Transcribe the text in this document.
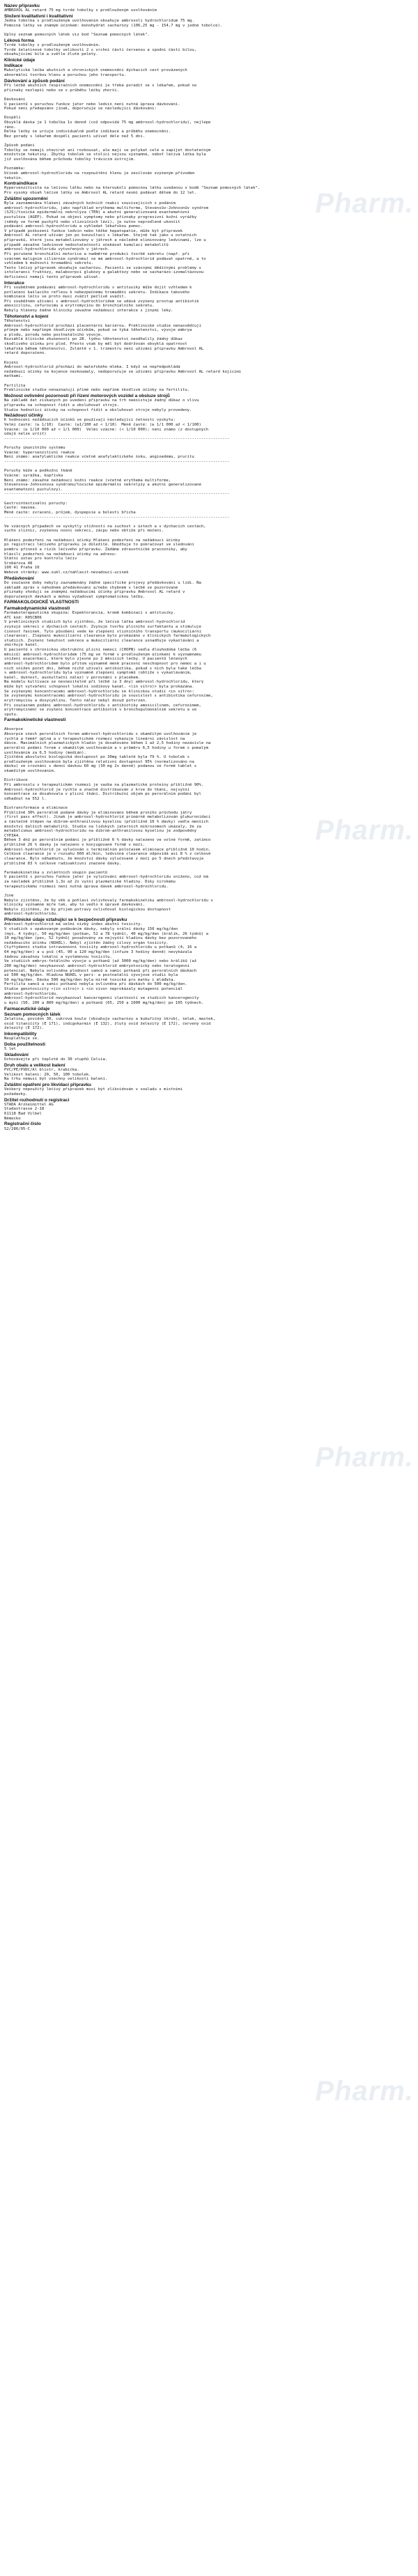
Název přípravku
AMBROXOL AL retard 75 mg tvrdé tobolky s prodlouženým uvolňováním
Složení kvalitativní i kvalitativní
Jedna tobolka s prodlouženým uvolňováním obsahuje ambroxoli hydrochloridum 75 mg.
Pomocná látky se známým účinkem: monohydrát sacharózy (106,25 mg - 154,7 mg v jedné tobolce).

Úplný seznam pomocných látek viz bod "Seznam pomocných látek".
Léková forma
Tvrdé tobolky s prodlouženým uvolňováním.
Tvrdé želatinové tobolky velikosti 2 s vrchní částí červenou a spodní částí bílou,
obsahujícími bílé a světle žluté pelety.
Klinické údaje
Indikace
Mukolytická léčba akutních a chronických onemocnění dýchacích cest provázených
abnormální tvorbou hlenu a poruchou jeho transportu.
Dávkování a způsob podání
Při léčbě akutních respiračních onemocnění je třeba poradit se s lékařem, pokud se
příznaky nezlepší nebo se v průběhu léčby zhorší.

Dávkování
U pacientů s poruchou funkce jater nebo ledvin není nutná úprava dávkování.
Pokud není předepsáno jinak, doporučuje se následující dávkování:

Dospělí
Obvyklá dávka je 1 tobolka 1x denně (což odpovídá 75 mg ambroxol-hydrochloridu), nejlépe
ráno.
Délka léčby se určuje individuálně podle indikace a průběhu onemocnění.
Bez porady s lékařem dospělí pacienti užívat déle než 5 dní.

Způsob podání
Tobolky se nemají otevírat ani rozkousat, ale mají se polykat celé a zapíjet dostatečným
množstvím tekutiny. Zbytky tobolek se stolici nejsou významné, neboť léčivá látka byla
již uvolňována během průchodu tobolky trávicím ústrojím.

Poznámka:
Účinek ambroxol-hydrochloridu na rozpouštění hlenu je zesilován zvýšeným přívodem
tekutin.
Kontraindikace
Hypersenzitivita na léčivou látku nebo na kteroukoli pomocnou látku uvedenou v bodě "Seznam pomocných látek".
Pro vysoký obsah léčivé látky se Ambroxol AL retard nesmí podávat dětem do 12 let.
Zvláštní upozornění
Byla zaznamenána hlášení závažných kožních reakcí souvisejících s podáním
ambroxol-hydrochloridu, jako například erythema multiforme, Stevensův-Johnsonův syndrom
(SJS)/toxická epidermální nekrolýza (TEN) a akutní generalizovaná exantematózní
pustulóza (AGEP). Pokud se objeví symptomy nebo příznaky progresivní kožní vyrážky
(někdy ve formě puchýřů nebo slizničních lézí), je nutno neprodleně ukončit
podávání ambroxol-hydrochloridu a vyhledat lékařskou pomoc.
V případě poškození funkce ledvin nebo těžké hepatopatie, může být přípravek
Ambroxol AL retard užíván jen po konzultaci s lékařem. Stejně tak jako u ostatních
přípravků, které jsou metabolizovány v játrech a následně eliminovány ledvinami, lze u
případě závažné ledvinové nedostatečnosti očekávat kumulaci metabolitů
ambroxol-hydrochloridu vytvořených v játrech.
Při porušené bronchiální motorice a nadměrné produkci tvorbě sekretu (např. při
vzácném maligním ciliárním syndromu) se má ambroxol-hydrochlorid podávat opatrně, a to
vzhledem k možnosti hromadění sekretu.
Tento léčivý přípravek obsahuje sacharózu. Pacienti se vzácnými dědičnými problémy s
intolerancí fruktózy, malabsorpcí glukózy a galaktózy nebo se sacharázo-izomaltázovou
deficiencí nemají tento přípravek užívat.
Interakce
Při souběžném podávání ambroxol-hydrochloridu s antitusiky může dojít vzhledem k
potlačení kašlacího reflexu k nebezpečnému hromadění sekretu. Indikace takového
kombinace léčiv se proto musí zvážit pečlivě uvážit.
Při souběžném užívání s ambroxol-hydrochloridem se udává zvýšený prostup antibiotik
amoxicilinu, cefuroximu a erytromycinu do bronchiálního sekretu.
Nebyly hlášeny žádné klinicky závažné nežádoucí interakce s jinými léky.
Těhotenství a kojení
Těhotenství
Ambroxol-hydrochlorid prochází placentární bariérou. Preklinické studie nenasvědčují
přímým nebo nepřímým škodlivým účinkům, pokud se týká těhotenství, vývoje embrya
a plodu, porodu nebo postnatálního vývoje.
Rozsáhlé klinické zkušenosti po 28. týdnu těhotenství neodhalily žádný důkaz
škodlivého účinku pro plod. Přesto však by měl být dodržován obvyklá opatrnost
lékařská během těhotenství. Zvláště v 1. trimestru není užívání přípravku Ambroxol AL
retard doporučeno.

Kojení
Ambroxol-hydrochlorid přechází do mateřského mléka. I když se nepředpokládá
nežádoucí účinky na kojence nezkoumaly, nedoporučuje se užívání přípravku Ambroxol AL retard kojícími
matkami.

Fertilita
Preklinické studie nenaznačují přímé nebo nepřímé škodlivé účinky na fertilitu.
Možnost ovlivnění pozornosti při řízení motorových vozidel a obsluze strojů
Na základě dat získaných po uvedení přípravku na trh neexistuje žádný důkaz o vlivu
přípravku na schopnost řídit a obsluhovat stroje.
Studie hodnotící účinky na schopnost řídit a obsluhovat stroje nebyly provedeny.
Nežádoucí účinky
K hodnocení nežádoucích účinků se používají následující četnosti výskytu:
Velmi časté: (≥ 1/10)  Časté: (≥1/100 až < 1/10)  Méně časté: (≥ 1/1 000 až < 1/100)
Vzácné: (≥ 1/10 000 až < 1/1 000)  Velmi vzácné: (< 1/10 000); není známo (z dostupných
údajů nelze určit)
------------------------------------------------------------------------------------------------

Poruchy imunitního systému
Vzácné: hypersenzitivní reakce
Není známo: anafylaktické reakce včetně anafylaktického šoku, angioedému, pruritu
------------------------------------------------------------------------------------------------

Poruchy kůže a podkožní tkáně
Vzácné: vyrážka, kopřivka
Není známo: závažné nežádoucí kožní reakce (včetně erythema multiforme,
Stevensova-Johnsonova syndromu/toxické epidermální nekrolýzy a akutní generalizované
exantematózní pustulózy).
------------------------------------------------------------------------------------------------

Gastrointestinální poruchy:
Časté: nausea.
Méně časté: zvracení, průjem, dyspepsie a bolesti břicha
------------------------------------------------------------------------------------------------

Ve vzácných případech se vyskytly stížnosti na suchost v ústech a v dýchacích cestách,
sucho sliznic, zvýšenou nosní sekreci, zácpu nebo obtíže při močení.

Hlášení podezření na nežádoucí účinky Hlášení podezření na nežádoucí účinky
po registraci léčivého přípravku je důležité. Umožňuje to pokračovat ve sledování
poměru přínosů a rizik léčivého přípravku. Žádáme zdravotnické pracovníky, aby
hlásili podezření na nežádoucí účinky na adresu:
Státní ústav pro kontrolu léčiv
Šrobárova 48
100 41 Praha 10
Webové stránky: www.sukl.cz/nahlasit-nezadouci-ucinek
Předávkování
Do současné doby nebyly zaznamenány žádné specifické projevy předávkování u lidí. Na
základě zpráv o náhodném předávkování a/nebo chybném v léčbě se pozorované
příznaky shodují se známými nežádoucími účinky přípravku Ambroxol AL retard v
doporučených dávkách a mohou vyžadovat symptomatickou léčbu.
FARMAKOLOGICKÉ VLASTNOSTI
Farmakodynamické vlastnosti
Farmakoterapeutická skupina: Expektorancia, kromě kombinací s antitusiky.
ATC kód: R05CB06
V preklinických studiích bylo zjištěno, že léčivá látka ambroxol-hydrochlorid
zvyšuje sekreci v dýchacích cestách. Zvyšuje tvorbu plicního surfaktantu a stimuluje
činnost řasinek. Tyto působení vede ke zlepšení slizničního transportu (mukociliární
clearance). Zlepšení mukociliární clearance bylo prokázáno v klinických farmakologických
studiích. Zvýšení tekutost sekrece a mukociliární clearance usnadňuje vykašlávání a
zmírňuje kašel.
U pacientů s chronickou obstrukční plicní nemocí (CHOPN) vedla dlouhodobá léčba (6
měsíců) ambroxol-hydrochloridem (75 mg ve formě s prodlouženým účinkem) k významnému
snížení exacerbací, které bylo zjevné po 2 měsících léčby. U pacientů léčených
ambroxol-hydrochloridem bylo přitom významně méně pracovní neschopnost pro nemoc a i u
nich snížen počet dní, během nichž užívali antibiotika, pokud s nich byla také léčba
s ambroxol-hydrochloridu byla významně zlepšení symptomů (obtíže s vykašláváním,
kašel, dušnost, auskultační nález) v porovnání s placebem.
Na modelu kultivace se nesnesitelně při léčbě (≤ 3 dny) ambroxol-hydrochloridu, který
může být vytváření schopnost lokální sodíkový kanál. <(in vitro)> byla prokázána.
Se zvýšenými koncentracemi ambroxol-hydrochloridu se klinickou studií <in vitro>:
Se zvýšenými koncentracemi ambroxol-hydrochloridu je souvislost s antibiotika cefuroxime,
erytromycinu a doxycyklinu. Tento nález nebyl dosud potvrzen.
Při současném podání ambroxol-hydrochloridu s antibiotiky amoxicilinem, cefuroximem,
erytromycinem) se zvýšení koncentrace antibiotik v bronchopulmonálním sekretu a ve
sputu.
Farmakokinetické vlastnosti

Absorpce
Absorpce všech perorálních forem ambroxol-hydrochloridu s okamžitým uvolňováním je
rychlá a téměř úplná a v terapeutickém rozmezí vykazuje lineární závislost na
dávce. Maximálních plazmatických hladin je dosahováno během 1 až 2,5 hodiny nezávisle na
perorální podání forem s okamžitým uvolňováním a v průměru 6,5 hodiny u forem s pomalým
uvolňováním za 6,5 hodiny (medián).
Zjištěná absolutní biologická dostupnost po 30mg tabletě byla 79 %. U tobolek s
prodlouženým uvolňováním byla zjištěna relativní dostupnost 95% (normalizováno na
dávku) ve srovnání s denní dávkou 60 mg (30 mg 2x denně) podanou ve formě tablet s
okamžitým uvolňováním.

Distribuce
Při ambroxolu v terapeutickém rozmezí je vazba na plazmatické proteiny přibližně 90%.
Ambroxol-hydrochlorid je rychle a značně distribuován z krve do tkání, nejvyšší
koncentrace se dosahovala v plicní tkáni. Distribuční objem po perorálním podání byl
odhadnut na 552 l.

Biotransformace a eliminace
Přibližně 30% perorálně podané dávky je eliminováno během prvního průchodu játry
(first pass effect). Jinak je ambroxol-hydrochlorid primárně metabolizován glukuronidací
a částečně štěpen na dibrom-anthranilovou kyselinu (přibližně 10 % dávky) vedle menších
množství dalších metabolitů. Studie na lidských jaterních mikrozomech ukázaly, že za
metabolismus ambroxol-hydrochloridu na dibrom-anthranilovou kyselinu je zodpovědný
CYP3A4.
Během 3 dnů po perorálním podání je přibližně 6 % dávky nalezeno ve volné formě, zatímco
přibližně 26 % dávky je nalezeno v konjugované formě v moči.
Ambroxol-hydrochlorid je vylučován s terminálním poločasem eliminace přibližně 10 hodin.
Celková clearance je v rozsahu 660 ml/min, ledvinná clearance odpovídá asi 8 % z celkové
clearance. Bylo odhadnuto, že množství dávky vylučované z moči po 5 dnech představuje
přibližně 83 % celkové radioaktivní značené dávky.

Farmakokinetika u zvláštních skupin pacientů
U pacientů s poruchou funkce jater je vylučování ambroxol-hydrochloridu sníženo, což má
za následek přibližně 1,3x až 2x vyšší plazmatické hladiny. Díky širokému
terapeutickému rozmezí není nutná úprava dávek ambroxol-hydrochloridu.

Jiné
Nebylo zjištěno, že by věk a pohlaví ovlivňovaly farmakokinetiku ambroxol-hydrochloridu v
klinicky významné míře tak, aby to vedlo k úpravě dávkování.
Nebylo zjištěno, že by příjem potravy ovlivňoval biologickou dostupnost
ambroxol-hydrochloridu.
Předklinické údaje vztahující se k bezpečnosti přípravku
Ambroxol-hydrochlorid má velmi nízký index akutní toxicity.
V studiích s opakovaným podáváním dávky, nebyly orální dávky 150 mg/kg/den
(myš, 4 týdny), 50 mg/kg/den (potkan, 52 a 78 týdnů), 40 mg/kg/den (králík, 26 týdnů) a
10 mg/kg/den (pes, 52 týdnů) považovány za nejvyšší hladinu dávky bez pozorovaného
nežádoucího účinku (NOAEL). Nebyl zjištěn žádný cílový orgán toxicity.
Čtyřtýdenní studie intravenózní toxicity ambroxol-hydrochloridu u potkanů (4, 16 a
64 mg/kg/den) a u psů (45, 90 a 120 mg/kg/den (infuze 3 hodiny denně) nevykázala
žádnou závažnou lokální a systémovou toxicitu.
Ve studiích embryo-fetálního vývoje u potkanů (až 3000 mg/kg/den) nebo králíků (až
200 mg/kg/den) nevykazoval ambroxol-hydrochlorid embryotoxický nebo teratogenní
potenciál. Nebyla ovlivněna plodnost samců a samic potkanů při perorálních dávkách
až 500 mg/kg/den. Hladina NOAEL v peri- a postnatální vývojové studii byla
50 mg/kg/den. Dávka 500 mg/kg/den byla mírně toxická pro matku i mláďata.
Fertilita samců a samic potkanů nebyla ovlivněna při dávkách do 500 mg/kg/den.
Studie genotoxicity <(in vitro)> i <in vivo> neprokázaly mutagenní potenciál
ambroxol-hydrochloridu.
Ambroxol-hydrochlorid nevykazoval kancerogenní vlastnosti ve studiích kancerogenity
u myší (50, 200 a 800 mg/kg/den) a potkanů (65, 250 a 1000 mg/kg/den) po 105 týdnech.
Farmaceutické údaje
Seznam pomocných látek
Želatina, povidon 30, cukrová koule (obsahuje sacharózu a kukuřičný škrob), šelak, mastek,
oxid titaničitý (E 171), indigokarmín (E 132), žlutý oxid železitý (E 172), červený oxid
železitý (E 172).
Inkompatibility
Neuplatňuje se.
Doba použitelnosti
5 let
Skladování
Uchovávejte při teplotě do 30 stupňů Celsia.
Druh obalu a velikost balení
PVC/PE/PVDC/Al blistr, krabička.
Velikost balení: 20, 50, 100 tobolek.
Na trhu nemusí být všechny velikosti balení.
Zvláštní opatření pro likvidaci přípravku
Veškerý nepoužitý léčivý přípravek musí být zlikvidován v souladu s místními
požadavky.
Držitel rozhodnutí o registraci
STADA Arzneimittel AG
Stadastrasse 2-18
61118 Bad Vilbel
Německo
Registrační číslo
52/286/95-C
Pharm.
Pharm.
Pharm.
Pharm.
